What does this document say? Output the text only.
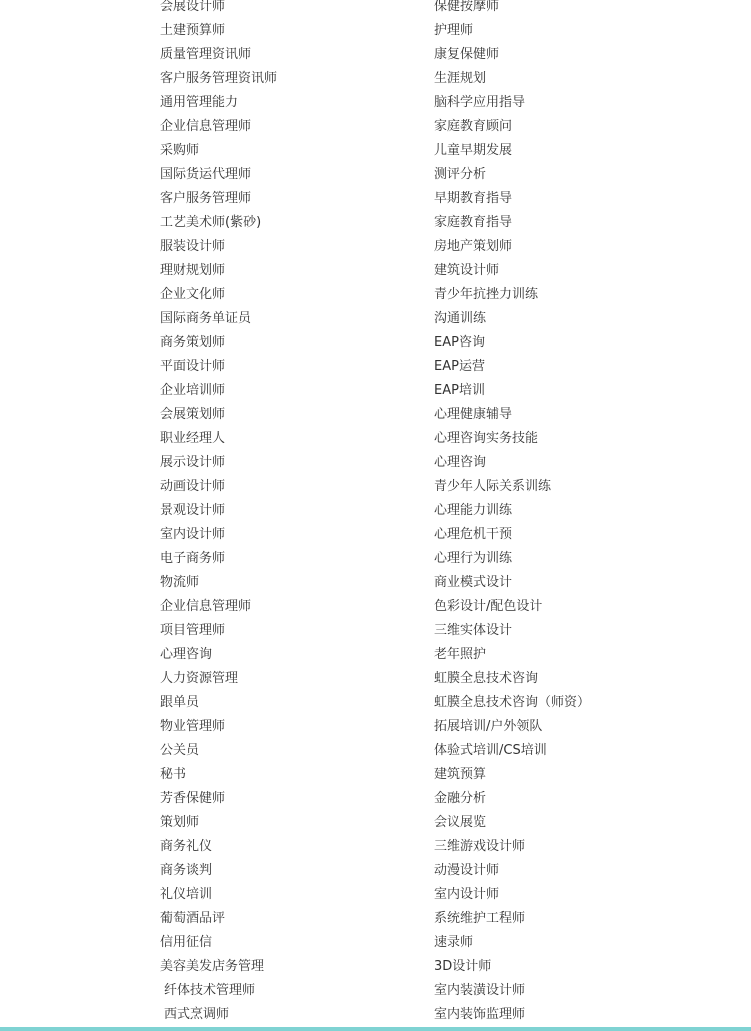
会展设计师
土建预算师
质量管理资讯师
客户服务管理资讯师
通用管理能力
企业信息管理师
采购师
国际货运代理师
客户服务管理师
工艺美术师(紫砂)
服装设计师
理财规划师
企业文化师
国际商务单证员
商务策划师
平面设计师
企业培训师
会展策划师
职业经理人
展示设计师
动画设计师
景观设计师
室内设计师
电子商务师
物流师
企业信息管理师
项目管理师
心理咨询
人力资源管理
跟单员
物业管理师
公关员
秘书
芳香保健师
策划师
商务礼仪
商务谈判
礼仪培训
葡萄酒品评
信用征信
美容美发店务管理
纤体技术管理师
西式烹调师
保健按摩师
护理师
康复保健师
生涯规划
脑科学应用指导
家庭教育顾问
儿童早期发展
测评分析
早期教育指导
家庭教育指导
房地产策划师
建筑设计师
青少年抗挫力训练
沟通训练
EAP咨询
EAP运营
EAP培训
心理健康辅导
心理咨询实务技能
心理咨询
青少年人际关系训练
心理能力训练
心理危机干预
心理行为训练
商业模式设计
色彩设计/配色设计
三维实体设计
老年照护
虹膜全息技术咨询
虹膜全息技术咨询（师资）
拓展培训/户外领队
体验式培训/CS培训
建筑预算
金融分析
会议展览
三维游戏设计师
动漫设计师
室内设计师
系统维护工程师
速录师
3D设计师
室内装潢设计师
室内装饰监理师
